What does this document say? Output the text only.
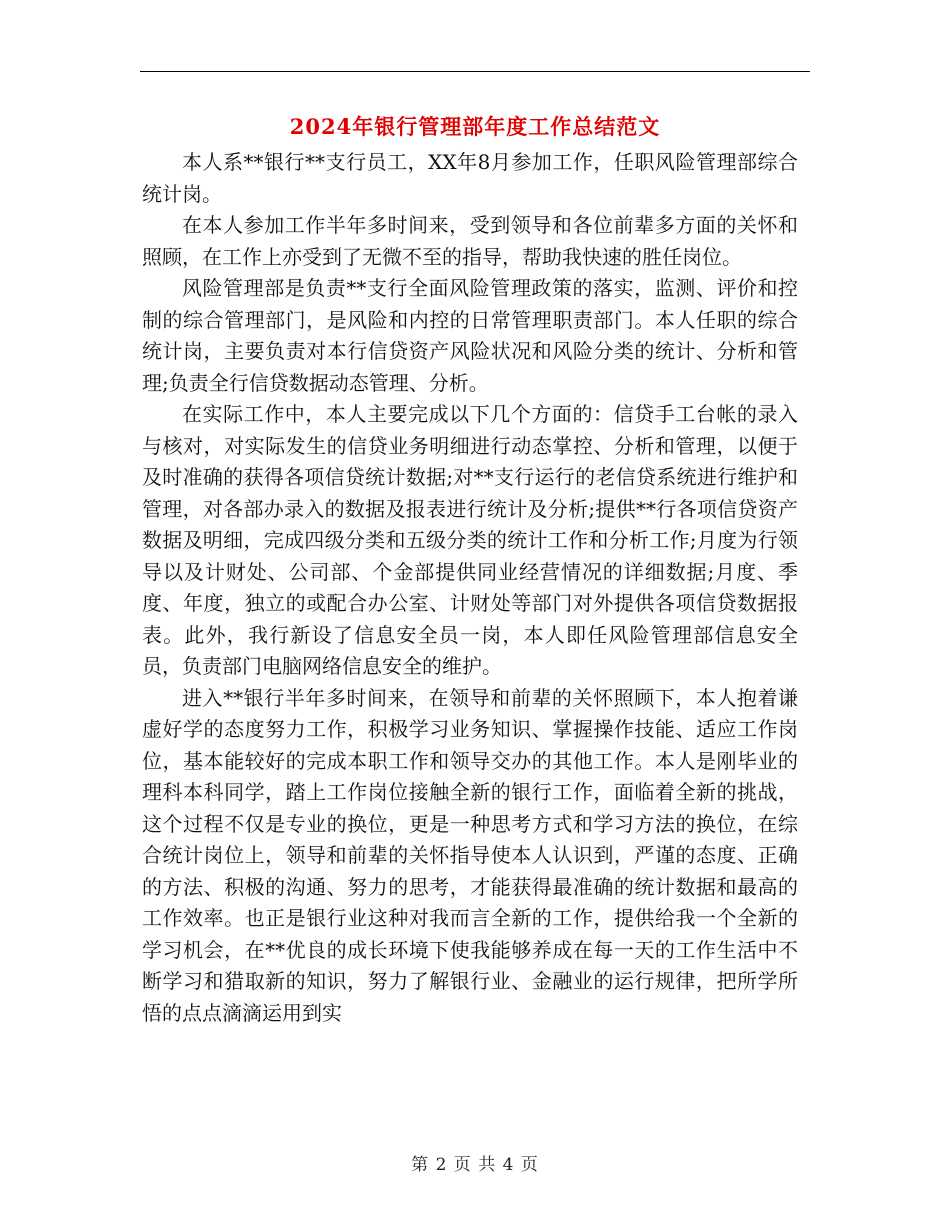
2024年银行管理部年度工作总结范文

本人系**银行**支行员工，XX年8月参加工作，任职风险管理部综合统计岗。

在本人参加工作半年多时间来，受到领导和各位前辈多方面的关怀和照顾，在工作上亦受到了无微不至的指导，帮助我快速的胜任岗位。

风险管理部是负责**支行全面风险管理政策的落实，监测、评价和控制的综合管理部门，是风险和内控的日常管理职责部门。本人任职的综合统计岗，主要负责对本行信贷资产风险状况和风险分类的统计、分析和管理;负责全行信贷数据动态管理、分析。

在实际工作中，本人主要完成以下几个方面的：信贷手工台帐的录入与核对，对实际发生的信贷业务明细进行动态掌控、分析和管理，以便于及时准确的获得各项信贷统计数据;对**支行运行的老信贷系统进行维护和管理，对各部办录入的数据及报表进行统计及分析;提供**行各项信贷资产数据及明细，完成四级分类和五级分类的统计工作和分析工作;月度为行领导以及计财处、公司部、个金部提供同业经营情况的详细数据;月度、季度、年度，独立的或配合办公室、计财处等部门对外提供各项信贷数据报表。此外，我行新设了信息安全员一岗，本人即任风险管理部信息安全员，负责部门电脑网络信息安全的维护。

进入**银行半年多时间来，在领导和前辈的关怀照顾下，本人抱着谦虚好学的态度努力工作，积极学习业务知识、掌握操作技能、适应工作岗位，基本能较好的完成本职工作和领导交办的其他工作。本人是刚毕业的理科本科同学，踏上工作岗位接触全新的银行工作，面临着全新的挑战，这个过程不仅是专业的换位，更是一种思考方式和学习方法的换位，在综合统计岗位上，领导和前辈的关怀指导使本人认识到，严谨的态度、正确的方法、积极的沟通、努力的思考，才能获得最准确的统计数据和最高的工作效率。也正是银行业这种对我而言全新的工作，提供给我一个全新的学习机会，在**优良的成长环境下使我能够养成在每一天的工作生活中不断学习和猎取新的知识，努力了解银行业、金融业的运行规律，把所学所悟的点点滴滴运用到实

第 2 页 共 4 页
